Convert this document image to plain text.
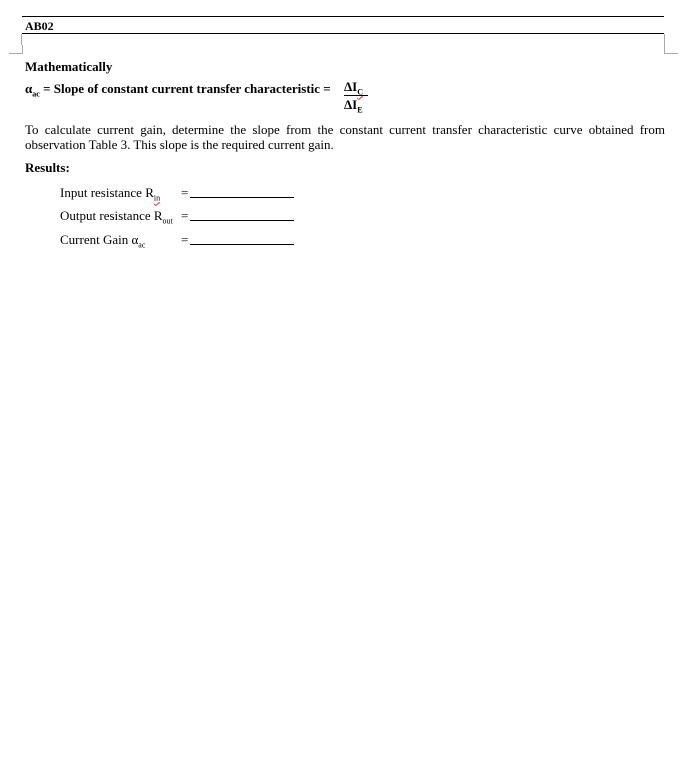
AB02
Mathematically
$\alpha_{ac}$ = Slope of constant current transfer characteristic = $\Delta I_C$
$\Delta I_E$
To calculate current gain, determine the slope from the constant current transfer characteristic curve obtained from observation Table 3. This slope is the required current gain.
Results:
Input resistance $R_{in}$ =
Output resistance $R_{out}$ =
Current Gain $\alpha_{ac}$	=
